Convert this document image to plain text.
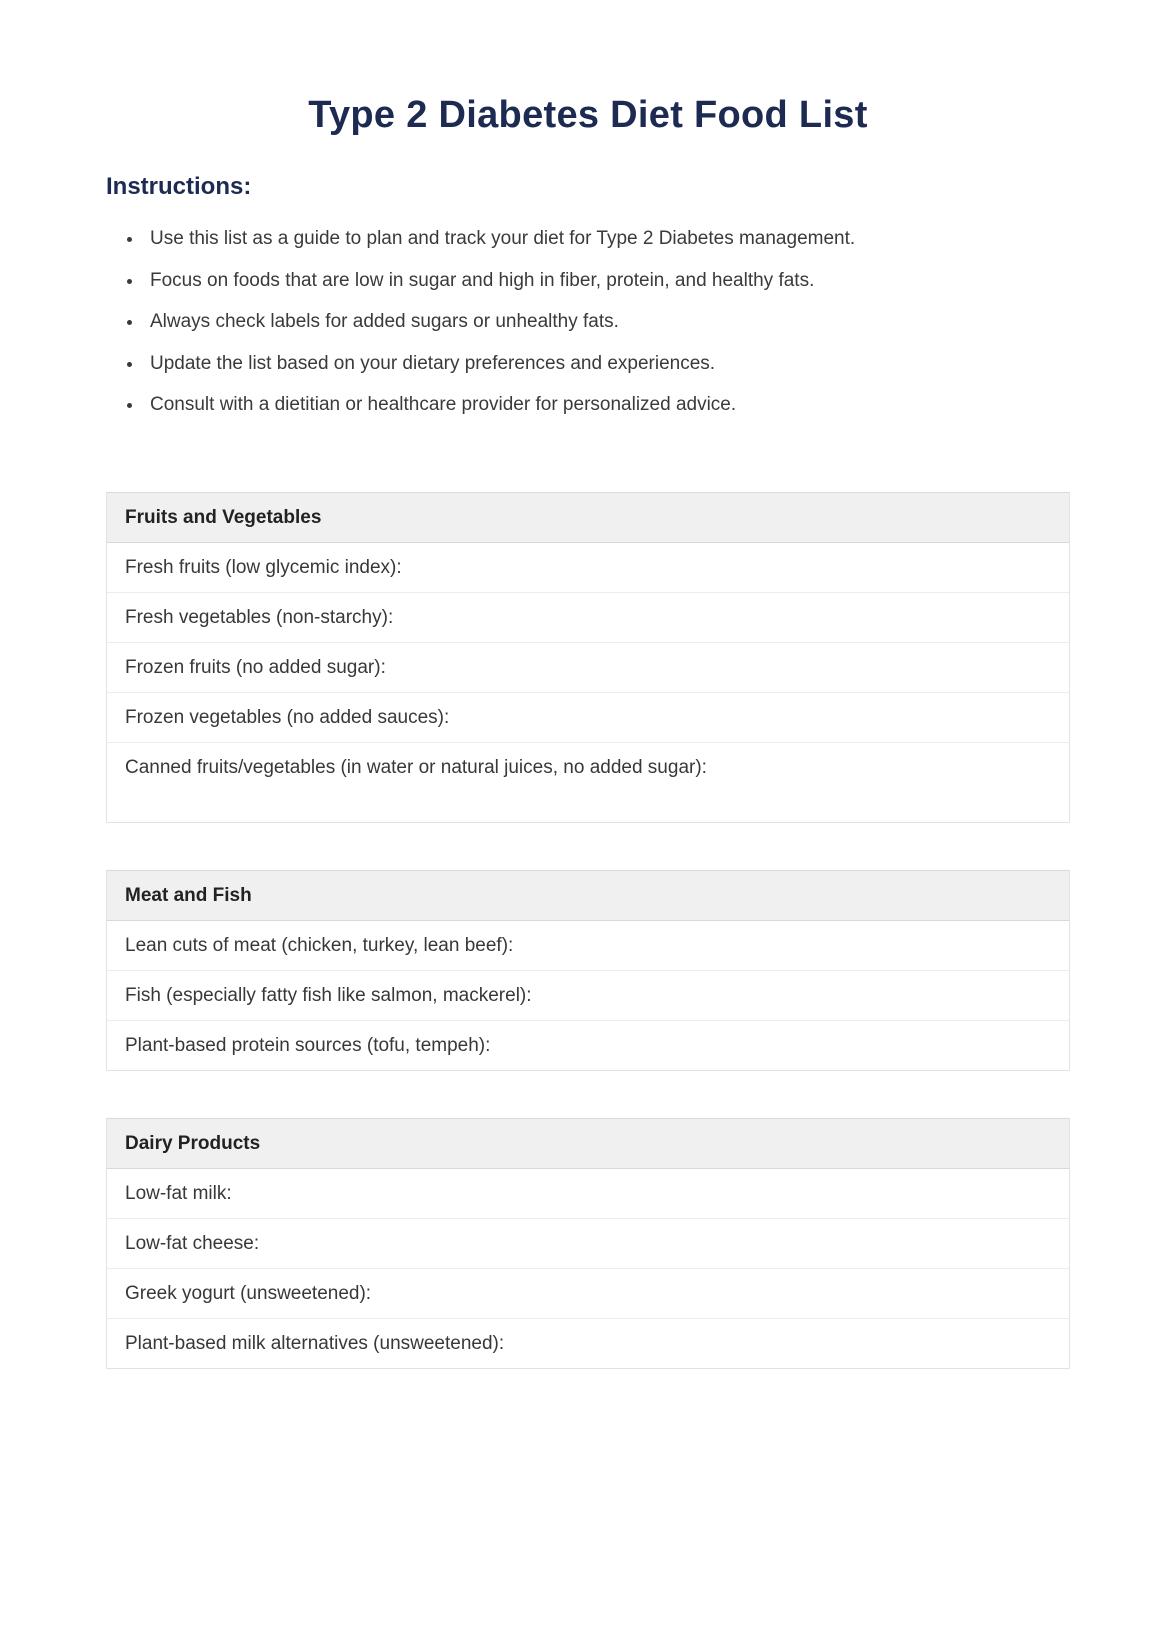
Type 2 Diabetes Diet Food List
Instructions:
• Use this list as a guide to plan and track your diet for Type 2 Diabetes management.
• Focus on foods that are low in sugar and high in fiber, protein, and healthy fats.
• Always check labels for added sugars or unhealthy fats.
• Update the list based on your dietary preferences and experiences.
• Consult with a dietitian or healthcare provider for personalized advice.
Fruits and Vegetables
Fresh fruits (low glycemic index):
Fresh vegetables (non-starchy):
Frozen fruits (no added sugar):
Frozen vegetables (no added sauces):
Canned fruits/vegetables (in water or natural juices, no added sugar):
Meat and Fish
Lean cuts of meat (chicken, turkey, lean beef):
Fish (especially fatty fish like salmon, mackerel):
Plant-based protein sources (tofu, tempeh):
Dairy Products
Low-fat milk:
Low-fat cheese:
Greek yogurt (unsweetened):
Plant-based milk alternatives (unsweetened):
